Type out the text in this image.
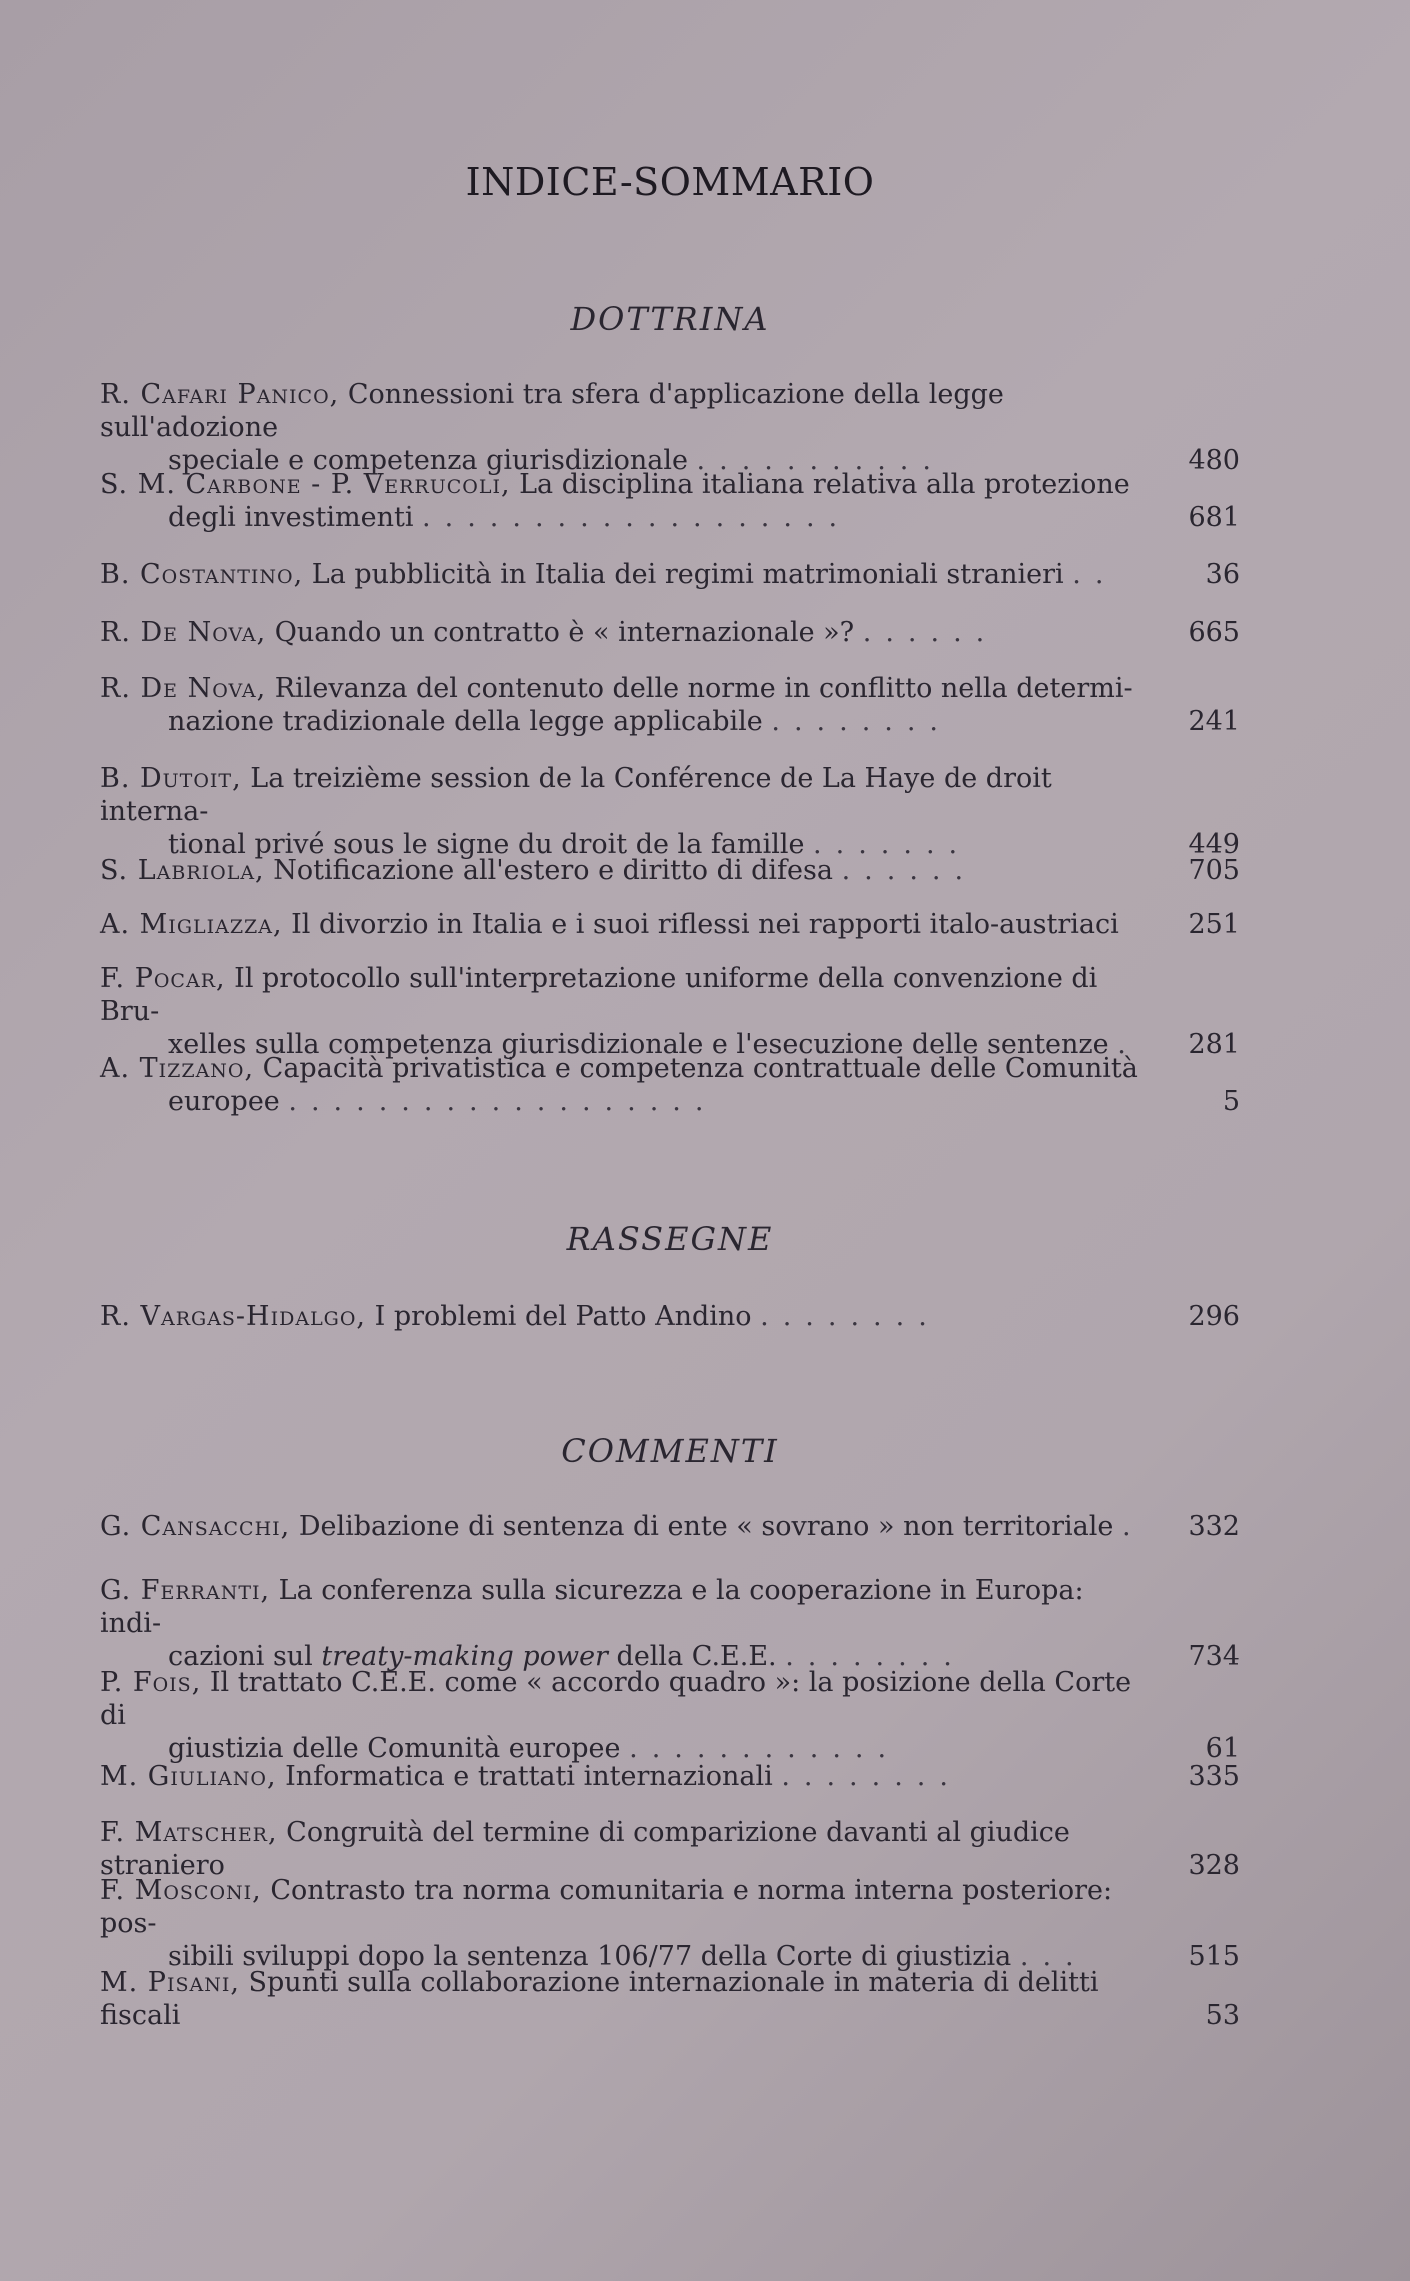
INDICE-SOMMARIO
DOTTRINA
R. Cafari Panico, Connessioni tra sfera d'applicazione della legge sull'adozione
speciale e competenza giurisdizionale ...........	480
S. M. Carbone - P. Verrucoli, La disciplina italiana relativa alla protezione
degli investimenti ...................	681
B. Costantino, La pubblicità in Italia dei regimi matrimoniali stranieri ..	36
R. De Nova, Quando un contratto è « internazionale »? ......	665
R. De Nova, Rilevanza del contenuto delle norme in conflitto nella determi-
nazione tradizionale della legge applicabile ........	241
B. Dutoit, La treizième session de la Conférence de La Haye de droit interna-
tional privé sous le signe du droit de la famille .......	449
S. Labriola, Notificazione all'estero e diritto di difesa ......	705
A. Migliazza, Il divorzio in Italia e i suoi riflessi nei rapporti italo-austriaci	251
F. Pocar, Il protocollo sull'interpretazione uniforme della convenzione di Bru-
xelles sulla competenza giurisdizionale e l'esecuzione delle sentenze .	281
A. Tizzano, Capacità privatistica e competenza contrattuale delle Comunità
europee ...................	5
RASSEGNE
R. Vargas-Hidalgo, I problemi del Patto Andino ........	296
COMMENTI
G. Cansacchi, Delibazione di sentenza di ente « sovrano » non territoriale .	332
G. Ferranti, La conferenza sulla sicurezza e la cooperazione in Europa: indi-
cazioni sul treaty-making power della C.E.E. ........	734
P. Fois, Il trattato C.E.E. come « accordo quadro »: la posizione della Corte di
giustizia delle Comunità europee ............	61
M. Giuliano, Informatica e trattati internazionali ........	335
F. Matscher, Congruità del termine di comparizione davanti al giudice straniero	328
F. Mosconi, Contrasto tra norma comunitaria e norma interna posteriore: pos-
sibili sviluppi dopo la sentenza 106/77 della Corte di giustizia ...	515
M. Pisani, Spunti sulla collaborazione internazionale in materia di delitti fiscali	53
